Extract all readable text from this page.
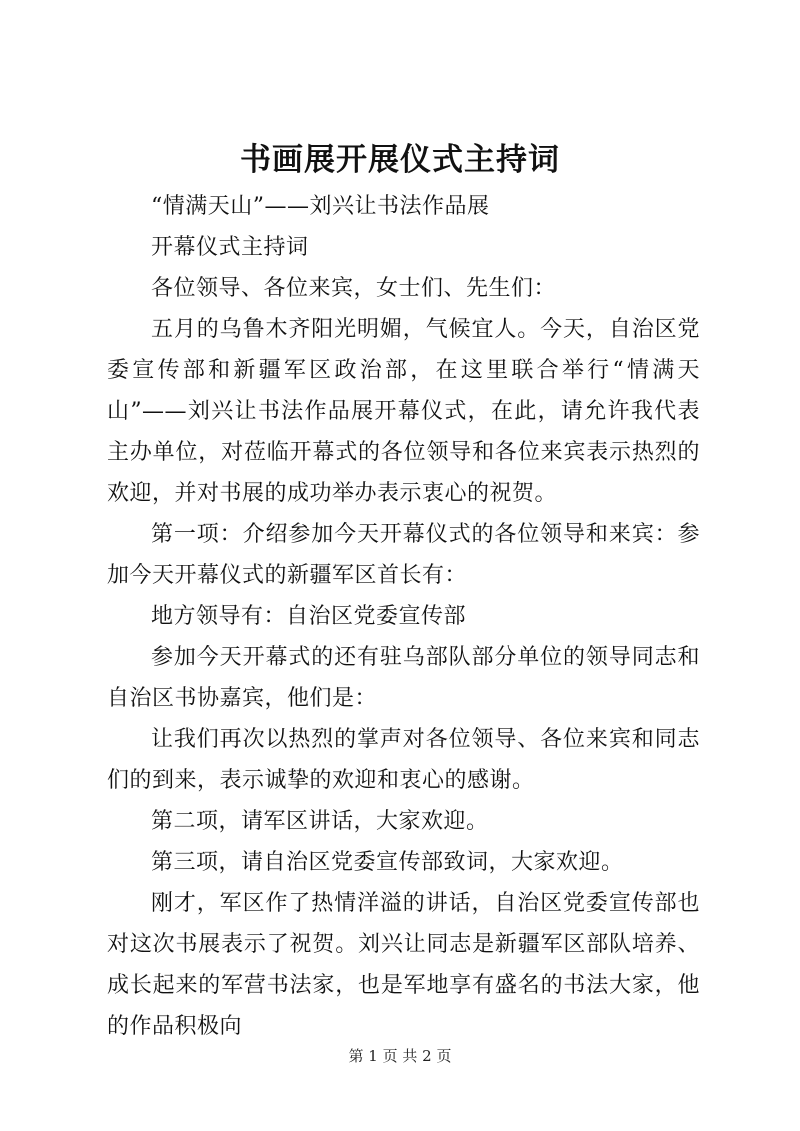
书画展开展仪式主持词

“情满天山”——刘兴让书法作品展

开幕仪式主持词

各位领导、各位来宾，女士们、先生们：

五月的乌鲁木齐阳光明媚，气候宜人。今天，自治区党委宣传部和新疆军区政治部，在这里联合举行“情满天山”——刘兴让书法作品展开幕仪式，在此，请允许我代表主办单位，对莅临开幕式的各位领导和各位来宾表示热烈的欢迎，并对书展的成功举办表示衷心的祝贺。

第一项：介绍参加今天开幕仪式的各位领导和来宾：参加今天开幕仪式的新疆军区首长有：

地方领导有：自治区党委宣传部

参加今天开幕式的还有驻乌部队部分单位的领导同志和自治区书协嘉宾，他们是：

让我们再次以热烈的掌声对各位领导、各位来宾和同志们的到来，表示诚挚的欢迎和衷心的感谢。

第二项，请军区讲话，大家欢迎。

第三项，请自治区党委宣传部致词，大家欢迎。

刚才，军区作了热情洋溢的讲话，自治区党委宣传部也对这次书展表示了祝贺。刘兴让同志是新疆军区部队培养、成长起来的军营书法家，也是军地享有盛名的书法大家，他的作品积极向

第 1 页 共 2 页
